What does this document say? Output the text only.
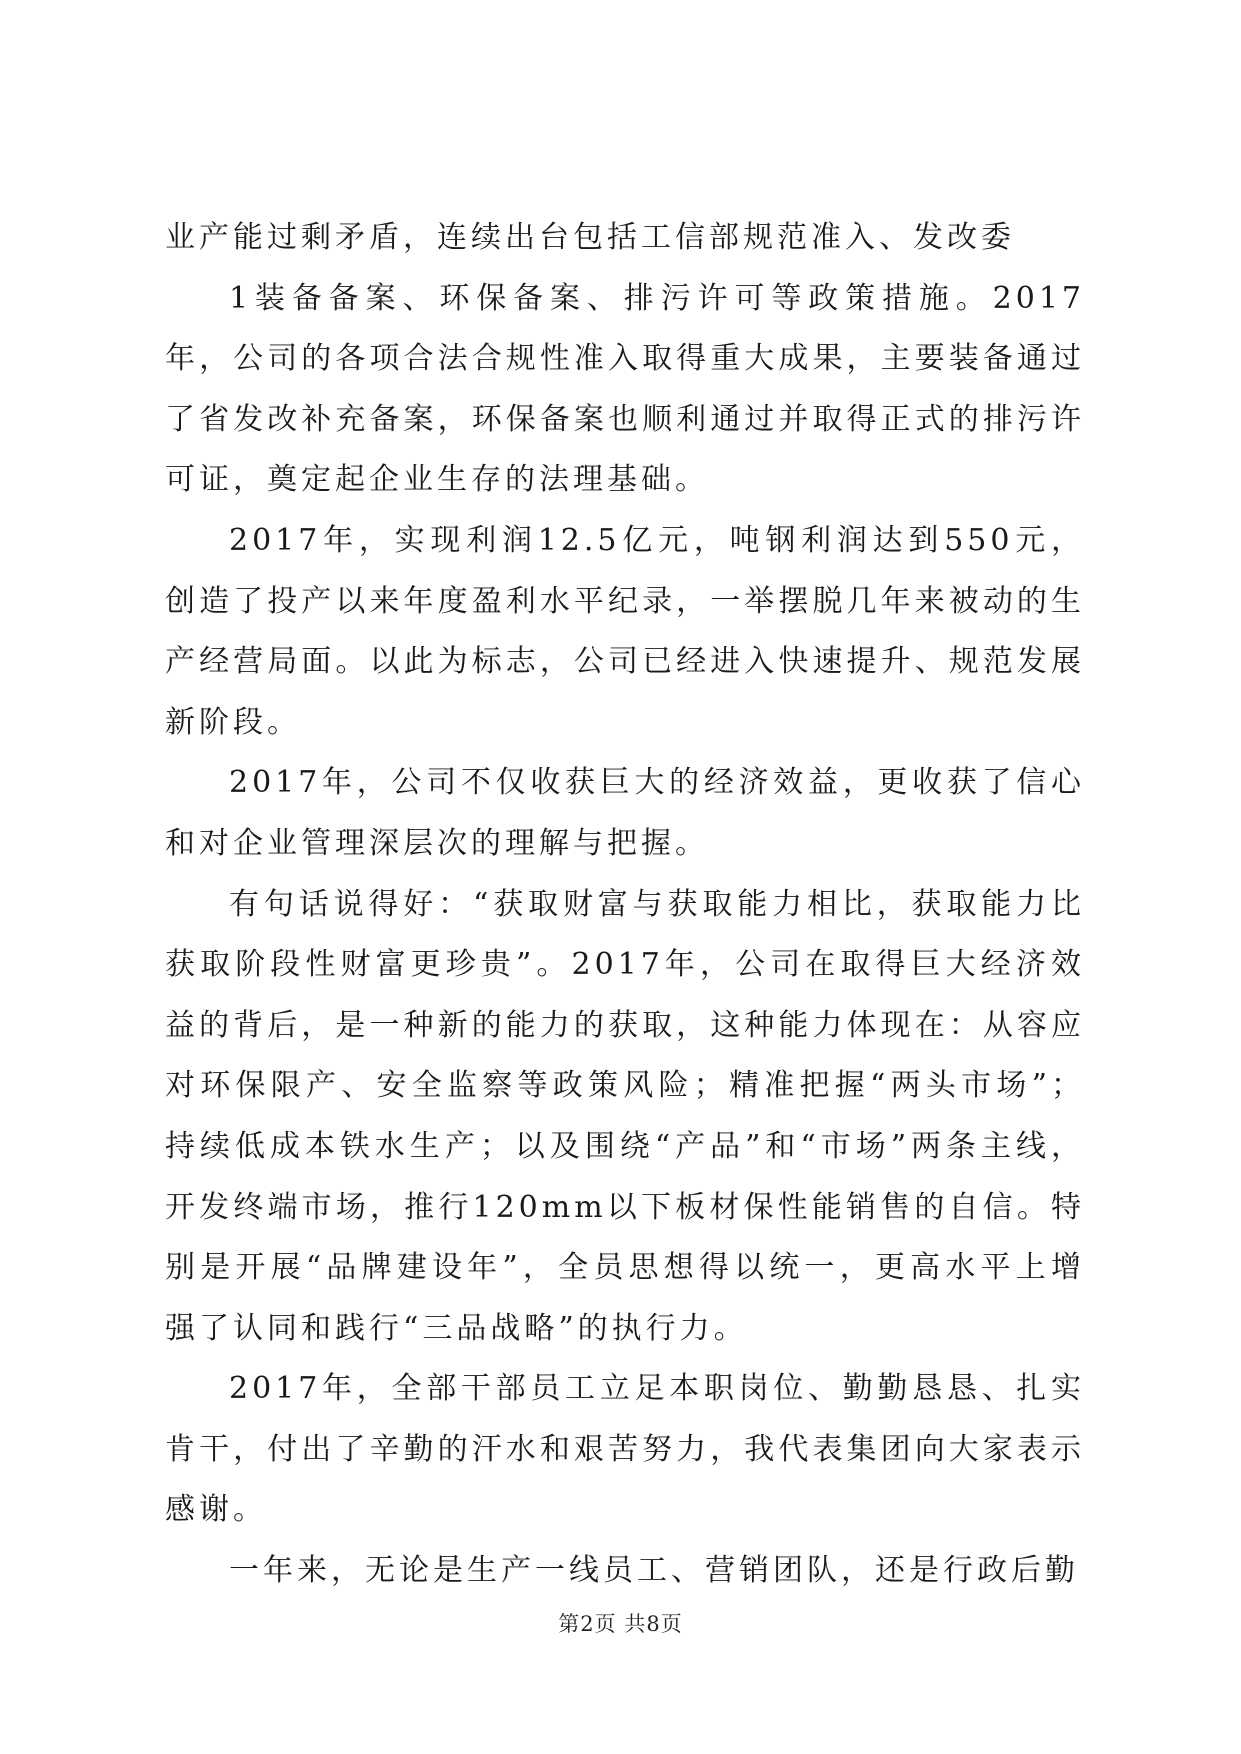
业产能过剩矛盾，连续出台包括工信部规范准入、发改委

1装备备案、环保备案、排污许可等政策措施。2017年，公司的各项合法合规性准入取得重大成果，主要装备通过了省发改补充备案，环保备案也顺利通过并取得正式的排污许可证，奠定起企业生存的法理基础。

2017年，实现利润12.5亿元，吨钢利润达到550元，创造了投产以来年度盈利水平纪录，一举摆脱几年来被动的生产经营局面。以此为标志，公司已经进入快速提升、规范发展新阶段。

2017年，公司不仅收获巨大的经济效益，更收获了信心和对企业管理深层次的理解与把握。

有句话说得好：“获取财富与获取能力相比，获取能力比获取阶段性财富更珍贵”。2017年，公司在取得巨大经济效益的背后，是一种新的能力的获取，这种能力体现在：从容应对环保限产、安全监察等政策风险；精准把握“两头市场”；持续低成本铁水生产；以及围绕“产品”和“市场”两条主线，开发终端市场，推行120mm以下板材保性能销售的自信。特别是开展“品牌建设年”，全员思想得以统一，更高水平上增强了认同和践行“三品战略”的执行力。

2017年，全部干部员工立足本职岗位、勤勤恳恳、扎实肯干，付出了辛勤的汗水和艰苦努力，我代表集团向大家表示感谢。

一年来，无论是生产一线员工、营销团队，还是行政后勤

第2页 共8页
